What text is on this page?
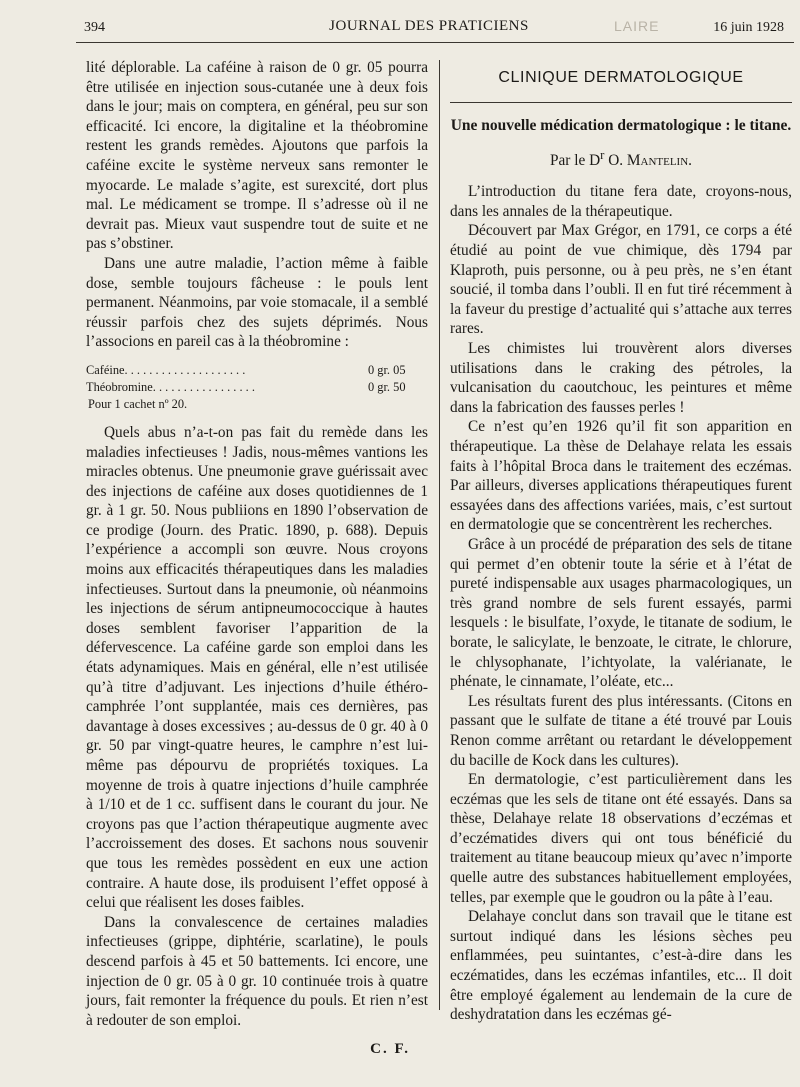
394	JOURNAL DES PRATICIENS	LAIRE	16 juin 1928

lité déplorable. La caféine à raison de 0 gr. 05 pourra être utilisée en injection sous-cutanée une à deux fois dans le jour; mais on comptera, en général, peu sur son efficacité. Ici encore, la digitaline et la théobromine restent les grands remèdes. Ajoutons que parfois la caféine excite le système nerveux sans remonter le myocarde. Le malade s’agite, est surexcité, dort plus mal. Le médicament se trompe. Il s’adresse où il ne devrait pas. Mieux vaut suspendre tout de suite et ne pas s’obstiner.

Dans une autre maladie, l’action même à faible dose, semble toujours fâcheuse : le pouls lent permanent. Néanmoins, par voie stomacale, il a semblé réussir parfois chez des sujets déprimés. Nous l’associons en pareil cas à la théobromine :

Caféine. . . . . . . . . . . . . . . . . . . .	0 gr. 05
Théobromine. . . . . . . . . . . . . . . . .	0 gr. 50
Pour 1 cachet nº 20.

Quels abus n’a-t-on pas fait du remède dans les maladies infectieuses ! Jadis, nous-mêmes vantions les miracles obtenus. Une pneumonie grave guérissait avec des injections de caféine aux doses quotidiennes de 1 gr. à 1 gr. 50. Nous publiions en 1890 l’observation de ce prodige (Journ. des Pratic. 1890, p. 688). Depuis l’expérience a accompli son œuvre. Nous croyons moins aux efficacités thérapeutiques dans les maladies infectieuses. Surtout dans la pneumonie, où néanmoins les injections de sérum antipneumococcique à hautes doses semblent favoriser l’apparition de la défervescence. La caféine garde son emploi dans les états adynamiques. Mais en général, elle n’est utilisée qu’à titre d’adjuvant. Les injections d’huile éthéro-camphrée l’ont supplantée, mais ces dernières, pas davantage à doses excessives ; au-dessus de 0 gr. 40 à 0 gr. 50 par vingt-quatre heures, le camphre n’est lui-même pas dépourvu de propriétés toxiques. La moyenne de trois à quatre injections d’huile camphrée à 1/10 et de 1 cc. suffisent dans le courant du jour. Ne croyons pas que l’action thérapeutique augmente avec l’accroissement des doses. Et sachons nous souvenir que tous les remèdes possèdent en eux une action contraire. A haute dose, ils produisent l’effet opposé à celui que réalisent les doses faibles.

Dans la convalescence de certaines maladies infectieuses (grippe, diphtérie, scarlatine), le pouls descend parfois à 45 et 50 battements. Ici encore, une injection de 0 gr. 05 à 0 gr. 10 continuée trois à quatre jours, fait remonter la fréquence du pouls. Et rien n’est à redouter de son emploi.

C. F.
CLINIQUE DERMATOLOGIQUE
Une nouvelle médication dermatologique : le titane.
Par le $D^r$ O. Mantelin.

L’introduction du titane fera date, croyons-nous, dans les annales de la thérapeutique.

Découvert par Max Grégor, en 1791, ce corps a été étudié au point de vue chimique, dès 1794 par Klaproth, puis personne, ou à peu près, ne s’en étant soucié, il tomba dans l’oubli. Il en fut tiré récemment à la faveur du prestige d’actualité qui s’attache aux terres rares.

Les chimistes lui trouvèrent alors diverses utilisations dans le craking des pétroles, la vulcanisation du caoutchouc, les peintures et même dans la fabrication des fausses perles !

Ce n’est qu’en 1926 qu’il fit son apparition en thérapeutique. La thèse de Delahaye relata les essais faits à l’hôpital Broca dans le traitement des eczémas. Par ailleurs, diverses applications thérapeutiques furent essayées dans des affections variées, mais, c’est surtout en dermatologie que se concentrèrent les recherches.

Grâce à un procédé de préparation des sels de titane qui permet d’en obtenir toute la série et à l’état de pureté indispensable aux usages pharmacologiques, un très grand nombre de sels furent essayés, parmi lesquels : le bisulfate, l’oxyde, le titanate de sodium, le borate, le salicylate, le benzoate, le citrate, le chlorure, le chlysophanate, l’ichtyolate, la valérianate, le phénate, le cinnamate, l’oléate, etc...

Les résultats furent des plus intéressants. (Citons en passant que le sulfate de titane a été trouvé par Louis Renon comme arrêtant ou retardant le développement du bacille de Kock dans les cultures).

En dermatologie, c’est particulièrement dans les eczémas que les sels de titane ont été essayés. Dans sa thèse, Delahaye relate 18 observations d’eczémas et d’eczématides divers qui ont tous bénéficié du traitement au titane beaucoup mieux qu’avec n’importe quelle autre des substances habituellement employées, telles, par exemple que le goudron ou la pâte à l’eau.

Delahaye conclut dans son travail que le titane est surtout indiqué dans les lésions sèches peu enflammées, peu suintantes, c’est-à-dire dans les eczématides, dans les eczémas infantiles, etc... Il doit être employé également au lendemain de la cure de deshydratation dans les eczémas gé-
